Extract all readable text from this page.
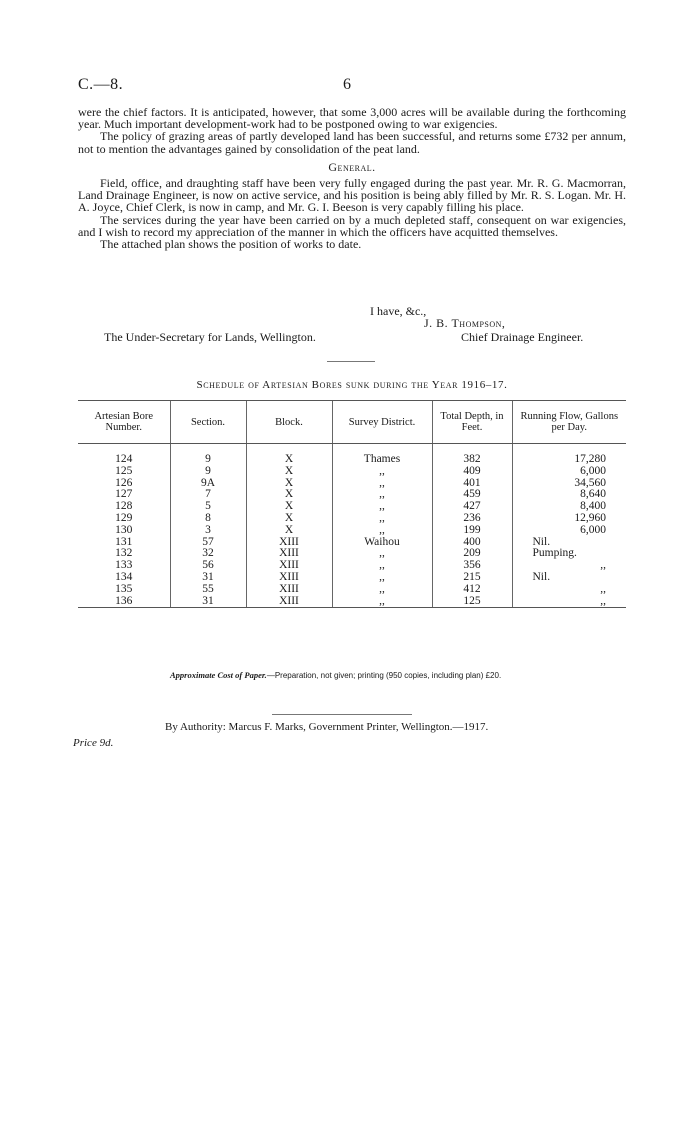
C.—8.	6

were the chief factors. It is anticipated, however, that some 3,000 acres will be available during the forthcoming year. Much important development-work had to be postponed owing to war exigencies.

The policy of grazing areas of partly developed land has been successful, and returns some £732 per annum, not to mention the advantages gained by consolidation of the peat land.

General.

Field, office, and draughting staff have been very fully engaged during the past year. Mr. R. G. Macmorran, Land Drainage Engineer, is now on active service, and his position is being ably filled by Mr. R. S. Logan. Mr. H. A. Joyce, Chief Clerk, is now in camp, and Mr. G. I. Beeson is very capably filling his place.

The services during the year have been carried on by a much depleted staff, consequent on war exigencies, and I wish to record my appreciation of the manner in which the officers have acquitted themselves.

The attached plan shows the position of works to date.

I have, &c.,
J. B. Thompson,
The Under-Secretary for Lands, Wellington.	Chief Drainage Engineer.
Schedule of Artesian Bores sunk during the Year 1916–17.
Artesian Bore Number.	Section.	Block.	Survey District.	Total Depth, in Feet.	Running Flow, Gallons per Day.

124	9	X	Thames	382	17,280
125	9	X	,,	409	6,000
126	9A	X	,,	401	34,560
127	7	X	,,	459	8,640
128	5	X	,,	427	8,400
129	8	X	,,	236	12,960
130	3	X	,,	199	6,000
131	57	XIII	Waihou	400	Nil.
132	32	XIII	,,	209	Pumping.
133	56	XIII	,,	356	,,
134	31	XIII	,,	215	Nil.
135	55	XIII	,,	412	,,
136	31	XIII	,,	125	,,
Approximate Cost of Paper.—Preparation, not given; printing (950 copies, including plan) £20.
By Authority: Marcus F. Marks, Government Printer, Wellington.—1917.
Price 9d.
